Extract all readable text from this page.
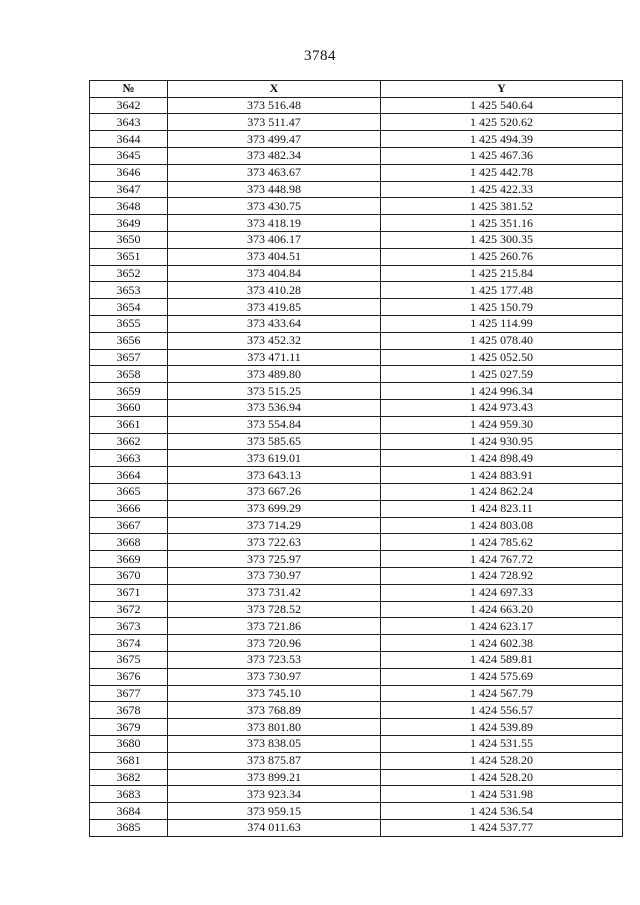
3784
№	X	Y
3642	373 516.48	1 425 540.64
3643	373 511.47	1 425 520.62
3644	373 499.47	1 425 494.39
3645	373 482.34	1 425 467.36
3646	373 463.67	1 425 442.78
3647	373 448.98	1 425 422.33
3648	373 430.75	1 425 381.52
3649	373 418.19	1 425 351.16
3650	373 406.17	1 425 300.35
3651	373 404.51	1 425 260.76
3652	373 404.84	1 425 215.84
3653	373 410.28	1 425 177.48
3654	373 419.85	1 425 150.79
3655	373 433.64	1 425 114.99
3656	373 452.32	1 425 078.40
3657	373 471.11	1 425 052.50
3658	373 489.80	1 425 027.59
3659	373 515.25	1 424 996.34
3660	373 536.94	1 424 973.43
3661	373 554.84	1 424 959.30
3662	373 585.65	1 424 930.95
3663	373 619.01	1 424 898.49
3664	373 643.13	1 424 883.91
3665	373 667.26	1 424 862.24
3666	373 699.29	1 424 823.11
3667	373 714.29	1 424 803.08
3668	373 722.63	1 424 785.62
3669	373 725.97	1 424 767.72
3670	373 730.97	1 424 728.92
3671	373 731.42	1 424 697.33
3672	373 728.52	1 424 663.20
3673	373 721.86	1 424 623.17
3674	373 720.96	1 424 602.38
3675	373 723.53	1 424 589.81
3676	373 730.97	1 424 575.69
3677	373 745.10	1 424 567.79
3678	373 768.89	1 424 556.57
3679	373 801.80	1 424 539.89
3680	373 838.05	1 424 531.55
3681	373 875.87	1 424 528.20
3682	373 899.21	1 424 528.20
3683	373 923.34	1 424 531.98
3684	373 959.15	1 424 536.54
3685	374 011.63	1 424 537.77
